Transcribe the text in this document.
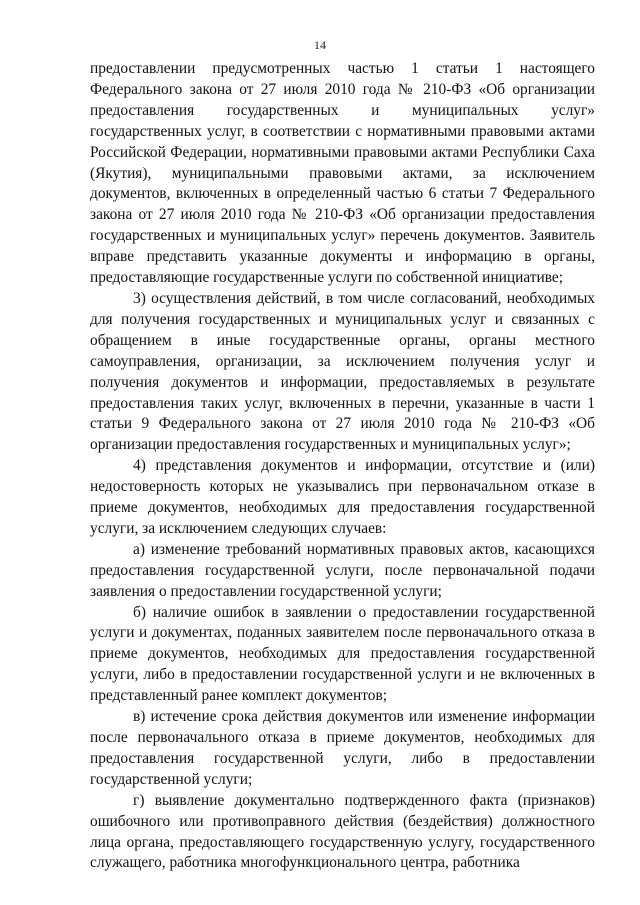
14

предоставлении предусмотренных частью 1 статьи 1 настоящего Федерального закона от 27 июля 2010 года № 210-ФЗ «Об организации предоставления государственных и муниципальных услуг» государственных услуг, в соответствии с нормативными правовыми актами Российской Федерации, нормативными правовыми актами Республики Саха (Якутия), муниципальными правовыми актами, за исключением документов, включенных в определенный частью 6 статьи 7 Федерального закона от 27 июля 2010 года № 210-ФЗ «Об организации предоставления государственных и муниципальных услуг» перечень документов. Заявитель вправе представить указанные документы и информацию в органы, предоставляющие государственные услуги по собственной инициативе;

3) осуществления действий, в том числе согласований, необходимых для получения государственных и муниципальных услуг и связанных с обращением в иные государственные органы, органы местного самоуправления, организации, за исключением получения услуг и получения документов и информации, предоставляемых в результате предоставления таких услуг, включенных в перечни, указанные в части 1 статьи 9 Федерального закона от 27 июля 2010 года № 210-ФЗ «Об организации предоставления государственных и муниципальных услуг»;

4) представления документов и информации, отсутствие и (или) недостоверность которых не указывались при первоначальном отказе в приеме документов, необходимых для предоставления государственной услуги, за исключением следующих случаев:

а) изменение требований нормативных правовых актов, касающихся предоставления государственной услуги, после первоначальной подачи заявления о предоставлении государственной услуги;

б) наличие ошибок в заявлении о предоставлении государственной услуги и документах, поданных заявителем после первоначального отказа в приеме документов, необходимых для предоставления государственной услуги, либо в предоставлении государственной услуги и не включенных в представленный ранее комплект документов;

в) истечение срока действия документов или изменение информации после первоначального отказа в приеме документов, необходимых для предоставления государственной услуги, либо в предоставлении государственной услуги;

г) выявление документально подтвержденного факта (признаков) ошибочного или противоправного действия (бездействия) должностного лица органа, предоставляющего государственную услугу, государственного служащего, работника многофункционального центра, работника
